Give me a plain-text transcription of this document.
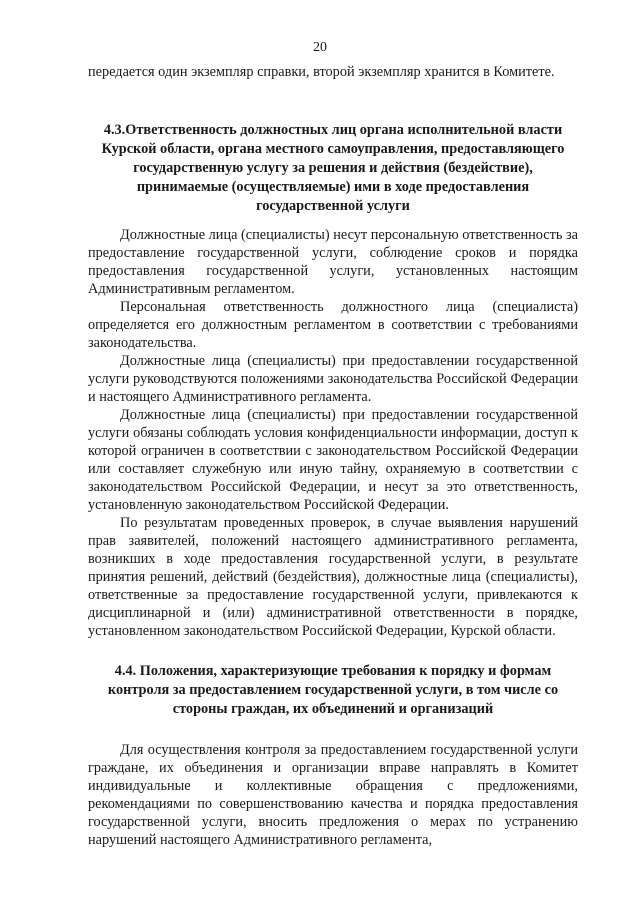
20

передается один экземпляр справки, второй экземпляр хранится в Комитете.

4.3.Ответственность должностных лиц органа исполнительной власти Курской области, органа местного самоуправления, предоставляющего государственную услугу за решения и действия (бездействие), принимаемые (осуществляемые) ими в ходе предоставления государственной услуги

Должностные лица (специалисты) несут персональную ответственность за предоставление государственной услуги, соблюдение сроков и порядка предоставления государственной услуги, установленных настоящим Административным регламентом.

Персональная ответственность должностного лица (специалиста) определяется его должностным регламентом в соответствии с требованиями законодательства.

Должностные лица (специалисты) при предоставлении государственной услуги руководствуются положениями законодательства Российской Федерации и настоящего Административного регламента.

Должностные лица (специалисты) при предоставлении государственной услуги обязаны соблюдать условия конфиденциальности информации, доступ к которой ограничен в соответствии с законодательством Российской Федерации или составляет служебную или иную тайну, охраняемую в соответствии с законодательством Российской Федерации, и несут за это ответственность, установленную законодательством Российской Федерации.

По результатам проведенных проверок, в случае выявления нарушений прав заявителей, положений настоящего административного регламента, возникших в ходе предоставления государственной услуги, в результате принятия решений, действий (бездействия), должностные лица (специалисты), ответственные за предоставление государственной услуги, привлекаются к дисциплинарной и (или) административной ответственности в порядке, установленном законодательством Российской Федерации, Курской области.

4.4. Положения, характеризующие требования к порядку и формам контроля за предоставлением государственной услуги, в том числе со стороны граждан, их объединений и организаций

Для осуществления контроля за предоставлением государственной услуги граждане, их объединения и организации вправе направлять в Комитет индивидуальные и коллективные обращения с предложениями, рекомендациями по совершенствованию качества и порядка предоставления государственной услуги, вносить предложения о мерах по устранению нарушений настоящего Административного регламента,
